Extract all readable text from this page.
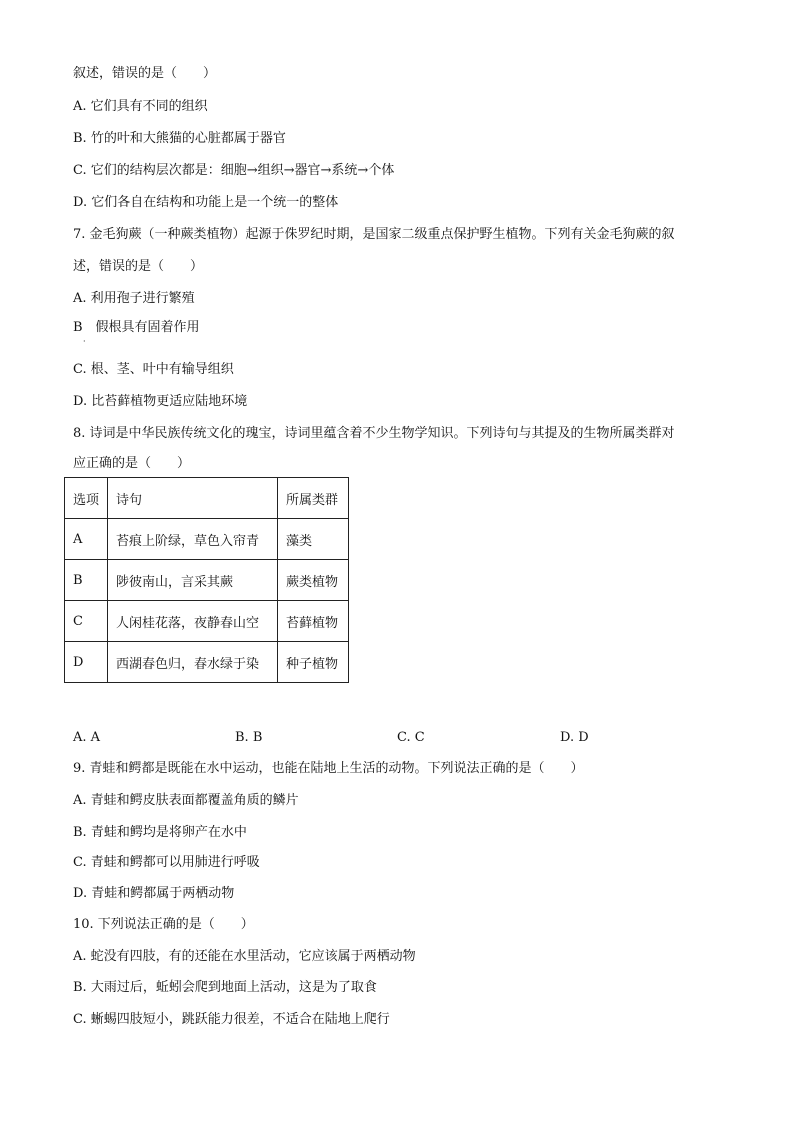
叙述，错误的是（　　）
A. 它们具有不同的组织
B. 竹的叶和大熊猫的心脏都属于器官
C. 它们的结构层次都是：细胞→组织→器官→系统→个体
D. 它们各自在结构和功能上是一个统一的整体
7. 金毛狗蕨（一种蕨类植物）起源于侏罗纪时期，是国家二级重点保护野生植物。下列有关金毛狗蕨的叙
述，错误的是（　　）
A. 利用孢子进行繁殖
B　假根具有固着作用
·
C. 根、茎、叶中有输导组织
D. 比苔藓植物更适应陆地环境
8. 诗词是中华民族传统文化的瑰宝，诗词里蕴含着不少生物学知识。下列诗句与其提及的生物所属类群对
应正确的是（　　）
选项	诗句	所属类群
A	苔痕上阶绿，草色入帘青	藻类
B	陟彼南山，言采其蕨	蕨类植物
C	人闲桂花落，夜静春山空	苔藓植物
D	西湖春色归，春水绿于染	种子植物
A. A	B. B	C. C	D. D
9. 青蛙和鳄都是既能在水中运动，也能在陆地上生活的动物。下列说法正确的是（　　）
A. 青蛙和鳄皮肤表面都覆盖角质的鳞片
B. 青蛙和鳄均是将卵产在水中
C. 青蛙和鳄都可以用肺进行呼吸
D. 青蛙和鳄都属于两栖动物
10. 下列说法正确的是（　　）
A. 蛇没有四肢，有的还能在水里活动，它应该属于两栖动物
B. 大雨过后，蚯蚓会爬到地面上活动，这是为了取食
C. 蜥蜴四肢短小，跳跃能力很差，不适合在陆地上爬行
